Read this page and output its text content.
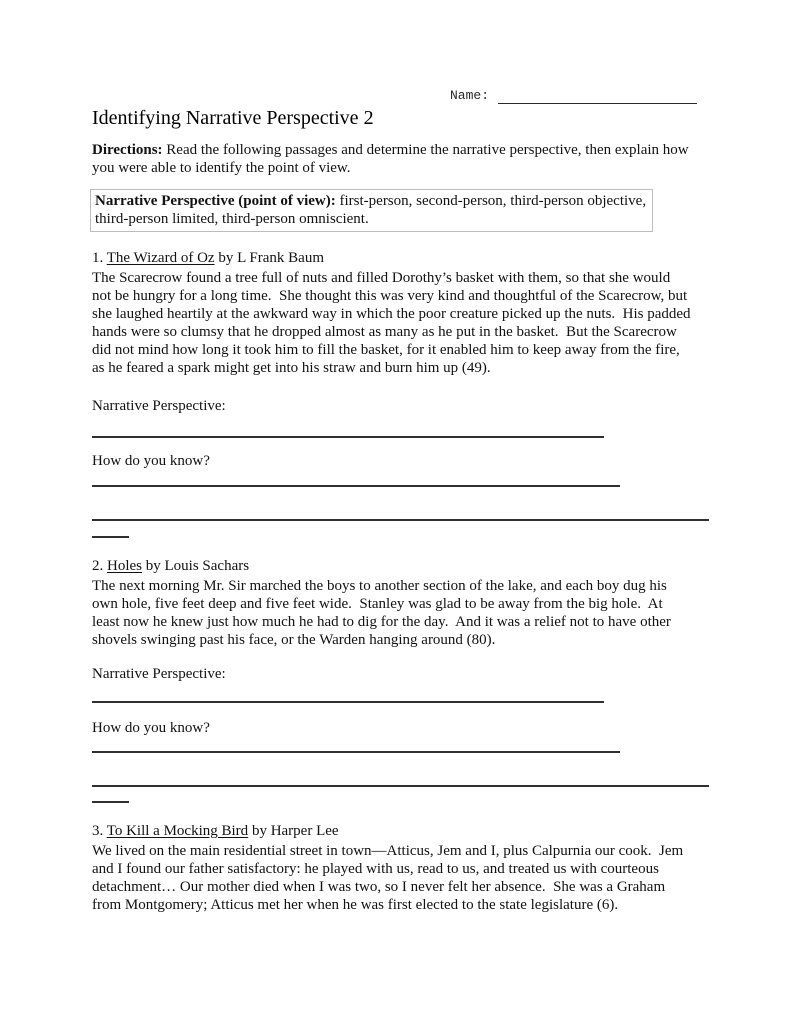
Name:
Identifying Narrative Perspective 2
Directions: Read the following passages and determine the narrative perspective, then explain how you were able to identify the point of view.
Narrative Perspective (point of view): first-person, second-person, third-person objective, third-person limited, third-person omniscient.
1. The Wizard of Oz by L Frank Baum
The Scarecrow found a tree full of nuts and filled Dorothy’s basket with them, so that she would not be hungry for a long time.  She thought this was very kind and thoughtful of the Scarecrow, but she laughed heartily at the awkward way in which the poor creature picked up the nuts.  His padded hands were so clumsy that he dropped almost as many as he put in the basket.  But the Scarecrow did not mind how long it took him to fill the basket, for it enabled him to keep away from the fire, as he feared a spark might get into his straw and burn him up (49).
Narrative Perspective:
How do you know?
2. Holes by Louis Sachars
The next morning Mr. Sir marched the boys to another section of the lake, and each boy dug his own hole, five feet deep and five feet wide.  Stanley was glad to be away from the big hole.  At least now he knew just how much he had to dig for the day.  And it was a relief not to have other shovels swinging past his face, or the Warden hanging around (80).
Narrative Perspective:
How do you know?
3. To Kill a Mocking Bird by Harper Lee
We lived on the main residential street in town—Atticus, Jem and I, plus Calpurnia our cook.  Jem and I found our father satisfactory: he played with us, read to us, and treated us with courteous detachment… Our mother died when I was two, so I never felt her absence.  She was a Graham from Montgomery; Atticus met her when he was first elected to the state legislature (6).
